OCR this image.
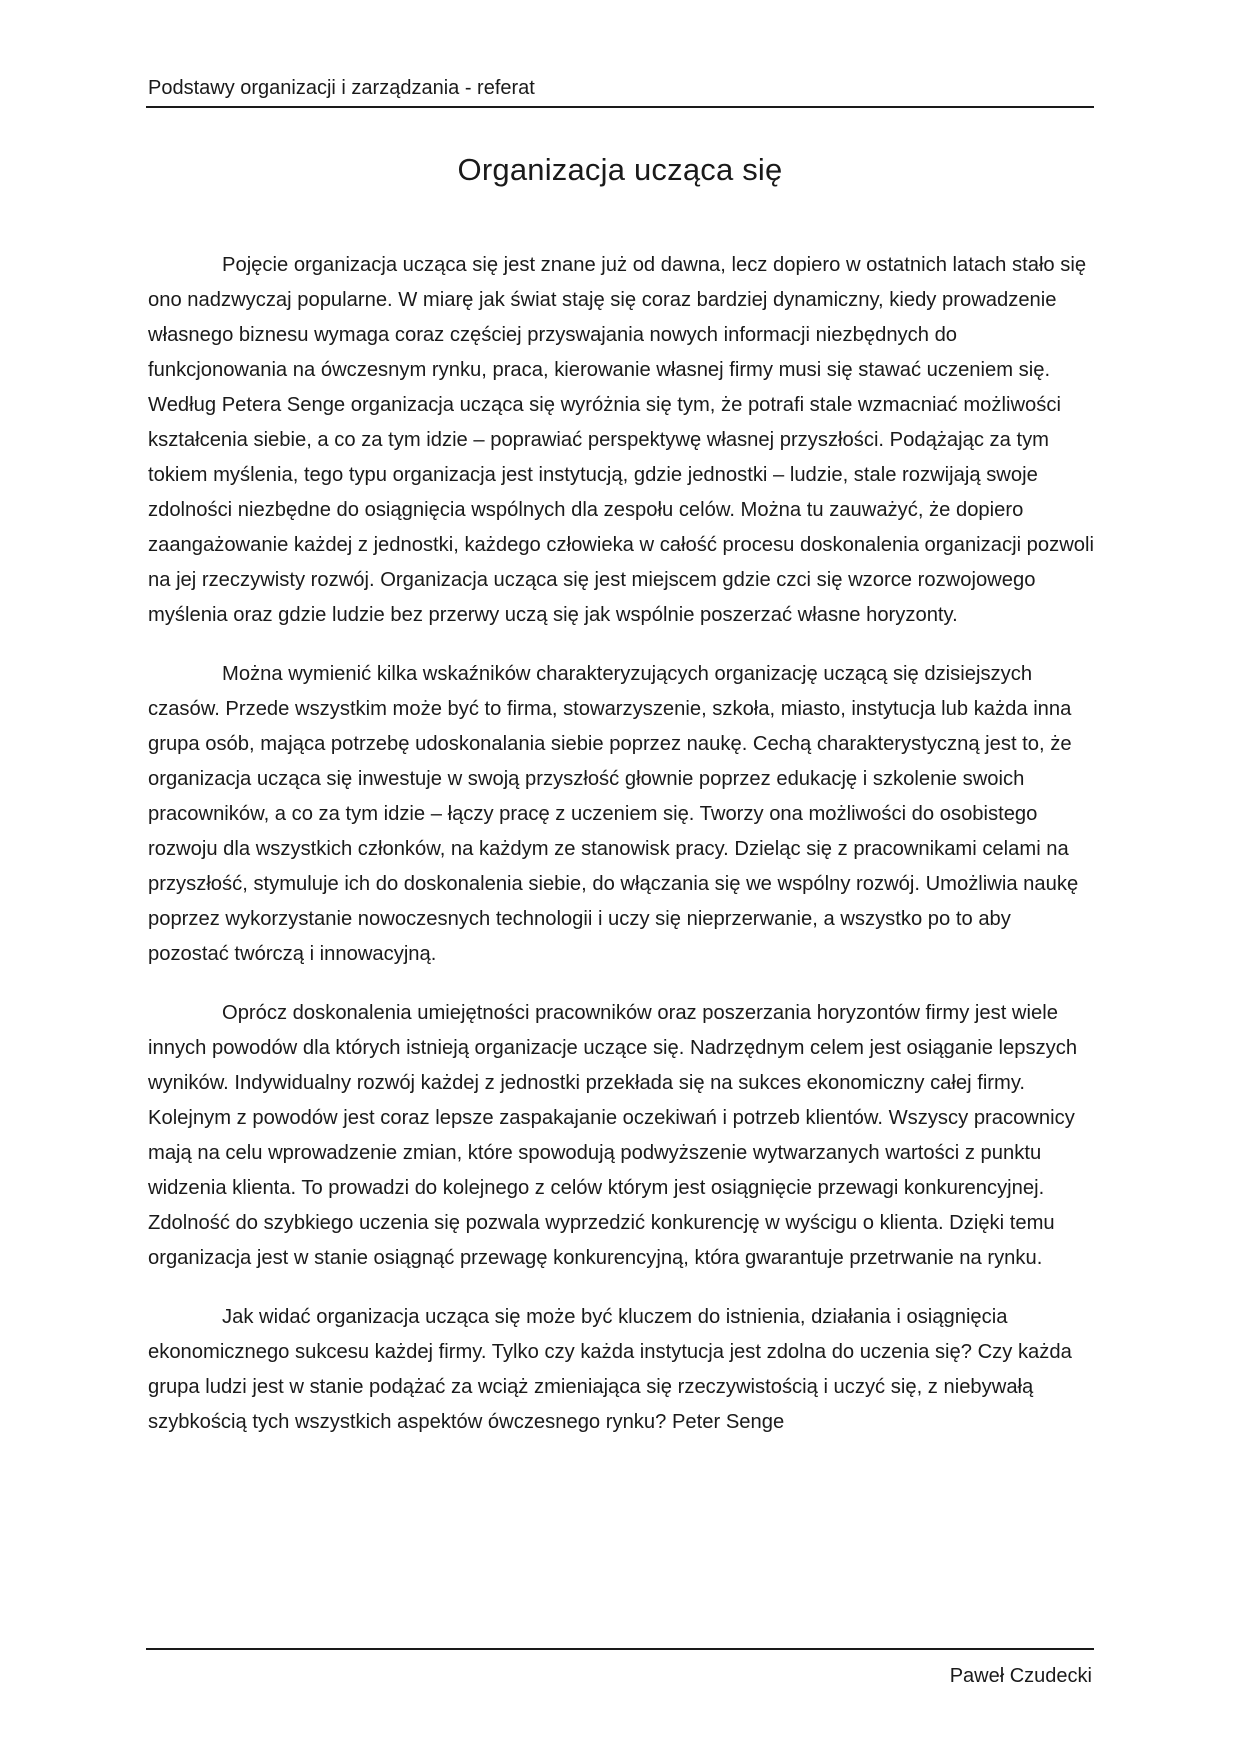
Podstawy organizacji i zarządzania - referat
Organizacja ucząca się

Pojęcie organizacja ucząca się jest znane już od dawna, lecz dopiero w ostatnich latach stało się ono nadzwyczaj popularne. W miarę jak świat staję się coraz bardziej dynamiczny, kiedy prowadzenie własnego biznesu wymaga coraz częściej przyswajania nowych informacji niezbędnych do funkcjonowania na ówczesnym rynku, praca, kierowanie własnej firmy musi się stawać uczeniem się. Według Petera Senge organizacja ucząca się wyróżnia się tym, że potrafi stale wzmacniać możliwości kształcenia siebie, a co za tym idzie – poprawiać perspektywę własnej przyszłości. Podążając za tym tokiem myślenia, tego typu organizacja jest instytucją, gdzie jednostki – ludzie, stale rozwijają swoje zdolności niezbędne do osiągnięcia wspólnych dla zespołu celów. Można tu zauważyć, że dopiero zaangażowanie każdej z jednostki, każdego człowieka w całość procesu doskonalenia organizacji pozwoli na jej rzeczywisty rozwój. Organizacja ucząca się jest miejscem gdzie czci się wzorce rozwojowego myślenia oraz gdzie ludzie bez przerwy uczą się jak wspólnie poszerzać własne horyzonty.

Można wymienić kilka wskaźników charakteryzujących organizację uczącą się dzisiejszych czasów. Przede wszystkim może być to firma, stowarzyszenie, szkoła, miasto, instytucja lub każda inna grupa osób, mająca potrzebę udoskonalania siebie poprzez naukę. Cechą charakterystyczną jest to, że organizacja ucząca się inwestuje w swoją przyszłość głownie poprzez edukację i szkolenie swoich pracowników, a co za tym idzie – łączy pracę z uczeniem się. Tworzy ona możliwości do osobistego rozwoju dla wszystkich członków, na każdym ze stanowisk pracy. Dzieląc się z pracownikami celami na przyszłość, stymuluje ich do doskonalenia siebie, do włączania się we wspólny rozwój. Umożliwia naukę poprzez wykorzystanie nowoczesnych technologii i uczy się nieprzerwanie, a wszystko po to aby pozostać twórczą i innowacyjną.

Oprócz doskonalenia umiejętności pracowników oraz poszerzania horyzontów firmy jest wiele innych powodów dla których istnieją organizacje uczące się. Nadrzędnym celem jest osiąganie lepszych wyników. Indywidualny rozwój każdej z jednostki przekłada się na sukces ekonomiczny całej firmy. Kolejnym z powodów jest coraz lepsze zaspakajanie oczekiwań i potrzeb klientów. Wszyscy pracownicy mają na celu wprowadzenie zmian, które spowodują podwyższenie wytwarzanych wartości z punktu widzenia klienta. To prowadzi do kolejnego z celów którym jest osiągnięcie przewagi konkurencyjnej. Zdolność do szybkiego uczenia się pozwala wyprzedzić konkurencję w wyścigu o klienta. Dzięki temu organizacja jest w stanie osiągnąć przewagę konkurencyjną, która gwarantuje przetrwanie na rynku.

Jak widać organizacja ucząca się może być kluczem do istnienia, działania i osiągnięcia ekonomicznego sukcesu każdej firmy. Tylko czy każda instytucja jest zdolna do uczenia się? Czy każda grupa ludzi jest w stanie podążać za wciąż zmieniająca się rzeczywistością i uczyć się, z niebywałą szybkością tych wszystkich aspektów ówczesnego rynku? Peter Senge

Paweł Czudecki
